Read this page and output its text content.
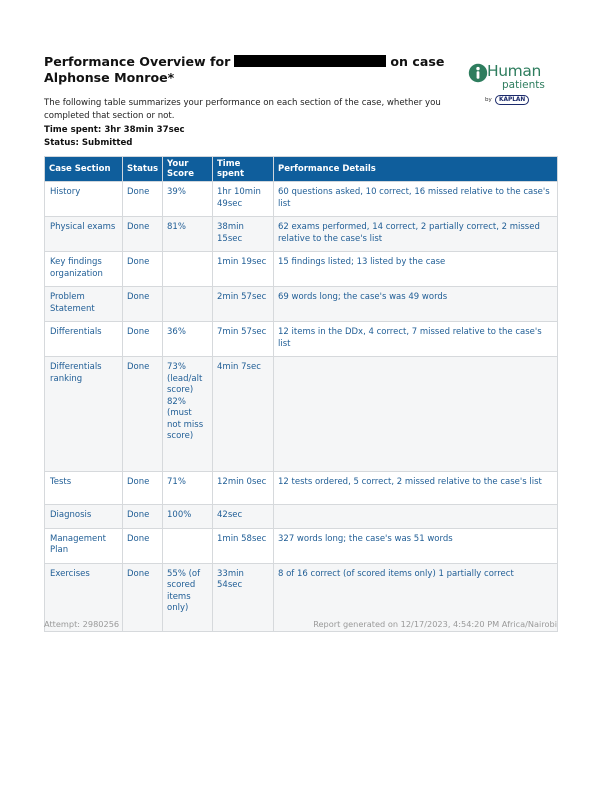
Performance Overview for	on case
Alphonse Monroe*	Human
patients
by	KAPLAN
The following table summarizes your performance on each section of the case, whether you completed that section or not.
Time spent: 3hr 38min 37sec
Status: Submitted
Case Section	Status	Your Score	Time spent	Performance Details
History	Done	39%	1hr 10min 49sec	60 questions asked, 10 correct, 16 missed relative to the case's list
Physical exams	Done	81%	38min 15sec	62 exams performed, 14 correct, 2 partially correct, 2 missed relative to the case's list
Key findings organization	Done		1min 19sec	15 findings listed; 13 listed by the case
Problem Statement	Done		2min 57sec	69 words long; the case's was 49 words
Differentials	Done	36%	7min 57sec	12 items in the DDx, 4 correct, 7 missed relative to the case's list
Differentials ranking	Done	73% (lead/alt score) 82% (must not miss score)	4min 7sec	
Tests	Done	71%	12min 0sec	12 tests ordered, 5 correct, 2 missed relative to the case's list
Diagnosis	Done	100%	42sec	
Management Plan	Done		1min 58sec	327 words long; the case's was 51 words
Exercises	Done	55% (of scored items only)	33min 54sec	8 of 16 correct (of scored items only) 1 partially correct
Attempt: 2980256	Report generated on 12/17/2023, 4:54:20 PM Africa/Nairobi
